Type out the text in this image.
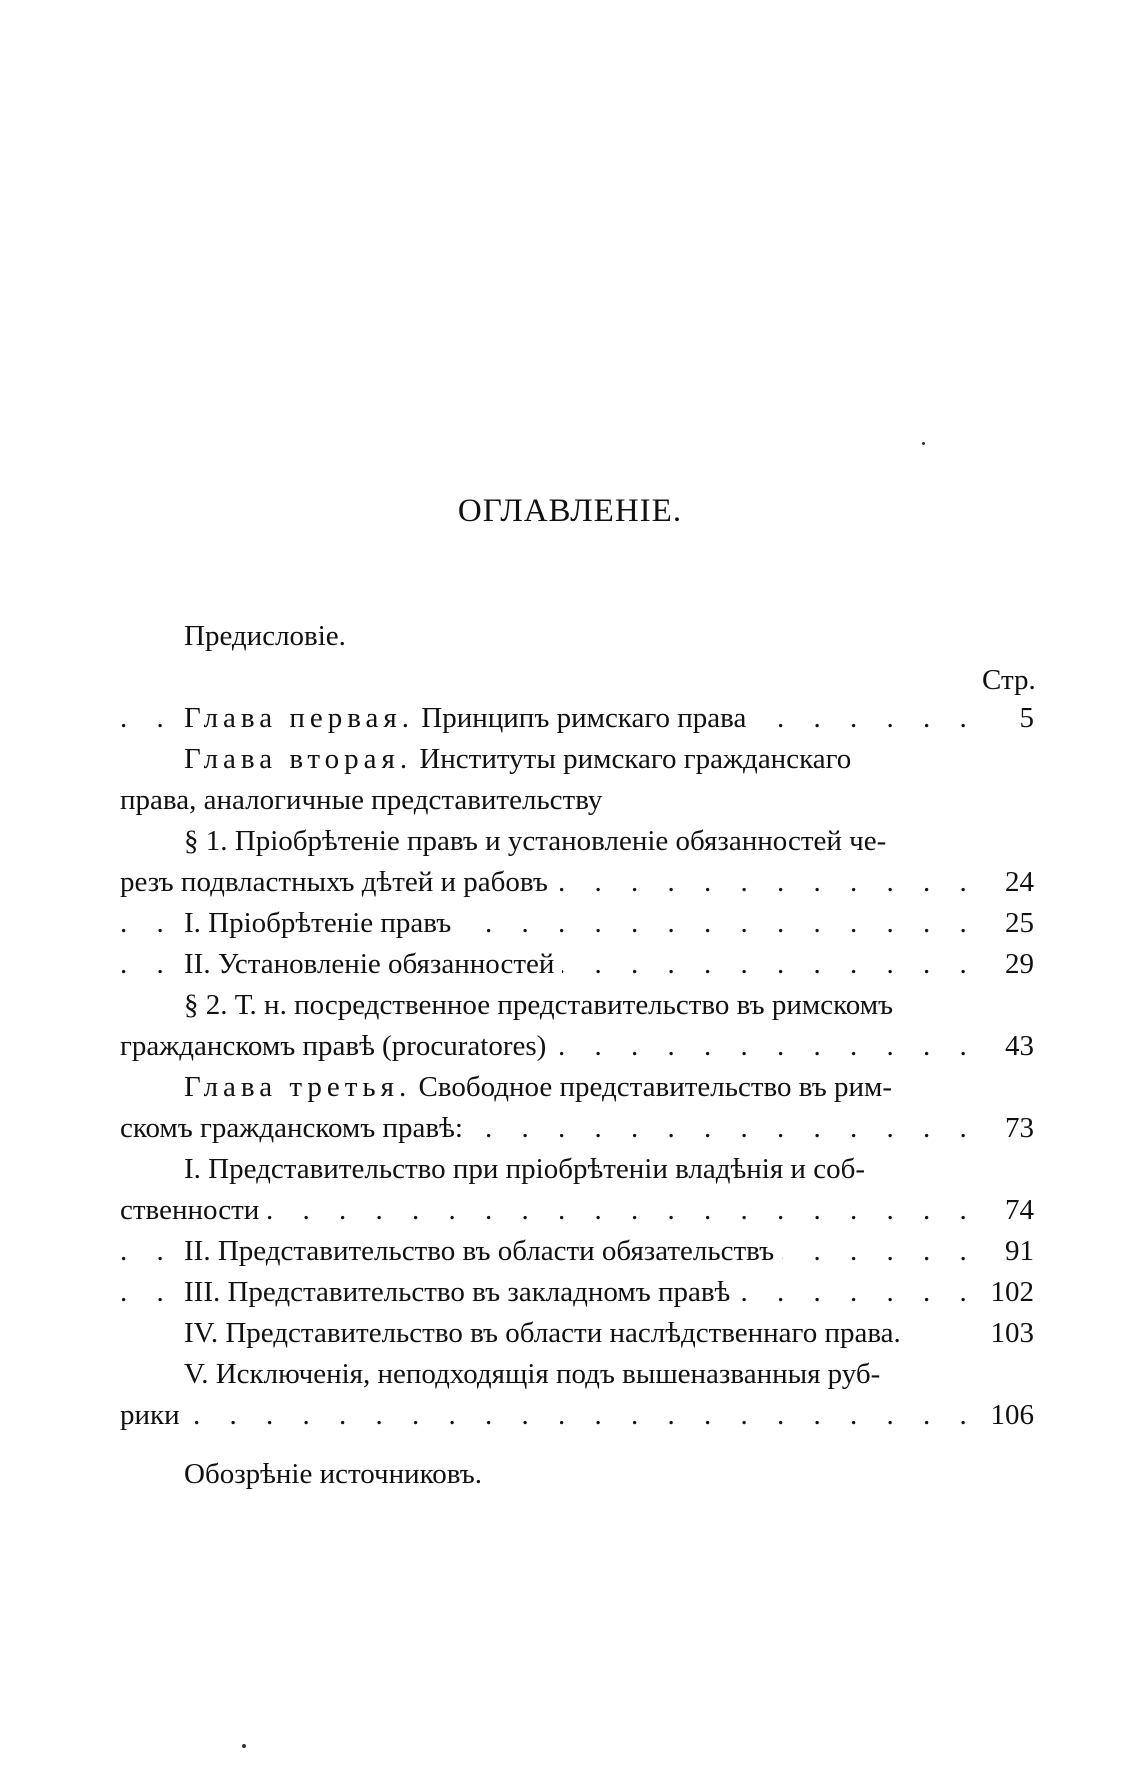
ОГЛАВЛЕНІЕ.
Предисловіе.
Стр.
. . .
Глава первая. Принципъ римскаго права	5
Глава вторая. Институты римскаго гражданскаго
права, аналогичные представительству
§ 1. Пріобрѣтеніе правъ и установленіе обязанностей че-
. . .
резъ подвластныхъ дѣтей и рабовъ	24
. . .
I. Пріобрѣтеніе правъ	25
. . .
II. Установленіе обязанностей	29
§ 2. Т. н. посредственное представительство въ римскомъ
. . .
гражданскомъ правѣ (procuratores)	43
Глава третья. Свободное представительство въ рим-
. . .
скомъ гражданскомъ правѣ:	73
I. Представительство при пріобрѣтеніи владѣнія и соб-
. . .
ственности	74
. . .
II. Представительство въ области обязательствъ	91
. . .
III. Представительство въ закладномъ правѣ	102
IV. Представительство въ области наслѣдственнаго права.	103
V. Исключенія, неподходящія подъ вышеназванныя руб-
. . .
рики	106
Обозрѣніе источниковъ.
